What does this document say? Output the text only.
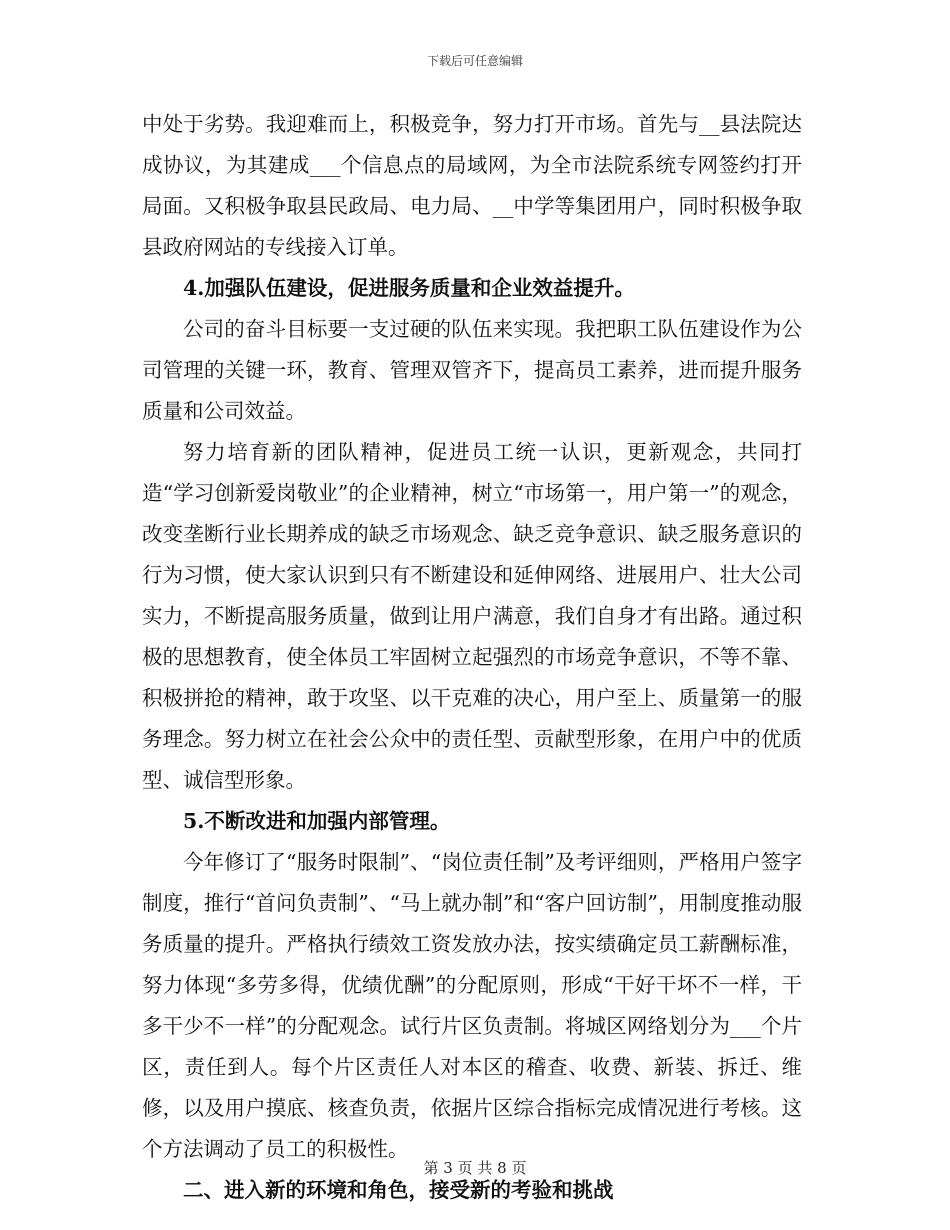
下载后可任意编辑

中处于劣势。我迎难而上，积极竞争，努力打开市场。首先与__县法院达成协议，为其建成___个信息点的局域网，为全市法院系统专网签约打开局面。又积极争取县民政局、电力局、__中学等集团用户，同时积极争取县政府网站的专线接入订单。

4.加强队伍建设，促进服务质量和企业效益提升。

公司的奋斗目标要一支过硬的队伍来实现。我把职工队伍建设作为公司管理的关键一环，教育、管理双管齐下，提高员工素养，进而提升服务质量和公司效益。

努力培育新的团队精神，促进员工统一认识，更新观念，共同打造“学习创新爱岗敬业”的企业精神，树立“市场第一，用户第一”的观念，改变垄断行业长期养成的缺乏市场观念、缺乏竞争意识、缺乏服务意识的行为习惯，使大家认识到只有不断建设和延伸网络、进展用户、壮大公司实力，不断提高服务质量，做到让用户满意，我们自身才有出路。通过积极的思想教育，使全体员工牢固树立起强烈的市场竞争意识，不等不靠、积极拼抢的精神，敢于攻坚、以干克难的决心，用户至上、质量第一的服务理念。努力树立在社会公众中的责任型、贡献型形象，在用户中的优质型、诚信型形象。

5.不断改进和加强内部管理。

今年修订了“服务时限制”、“岗位责任制”及考评细则，严格用户签字制度，推行“首问负责制”、“马上就办制”和“客户回访制”，用制度推动服务质量的提升。严格执行绩效工资发放办法，按实绩确定员工薪酬标准，努力体现“多劳多得，优绩优酬”的分配原则，形成“干好干坏不一样，干多干少不一样”的分配观念。试行片区负责制。将城区网络划分为___个片区，责任到人。每个片区责任人对本区的稽查、收费、新装、拆迁、维修，以及用户摸底、核查负责，依据片区综合指标完成情况进行考核。这个方法调动了员工的积极性。

二、进入新的环境和角色，接受新的考验和挑战

第 3 页 共 8 页
